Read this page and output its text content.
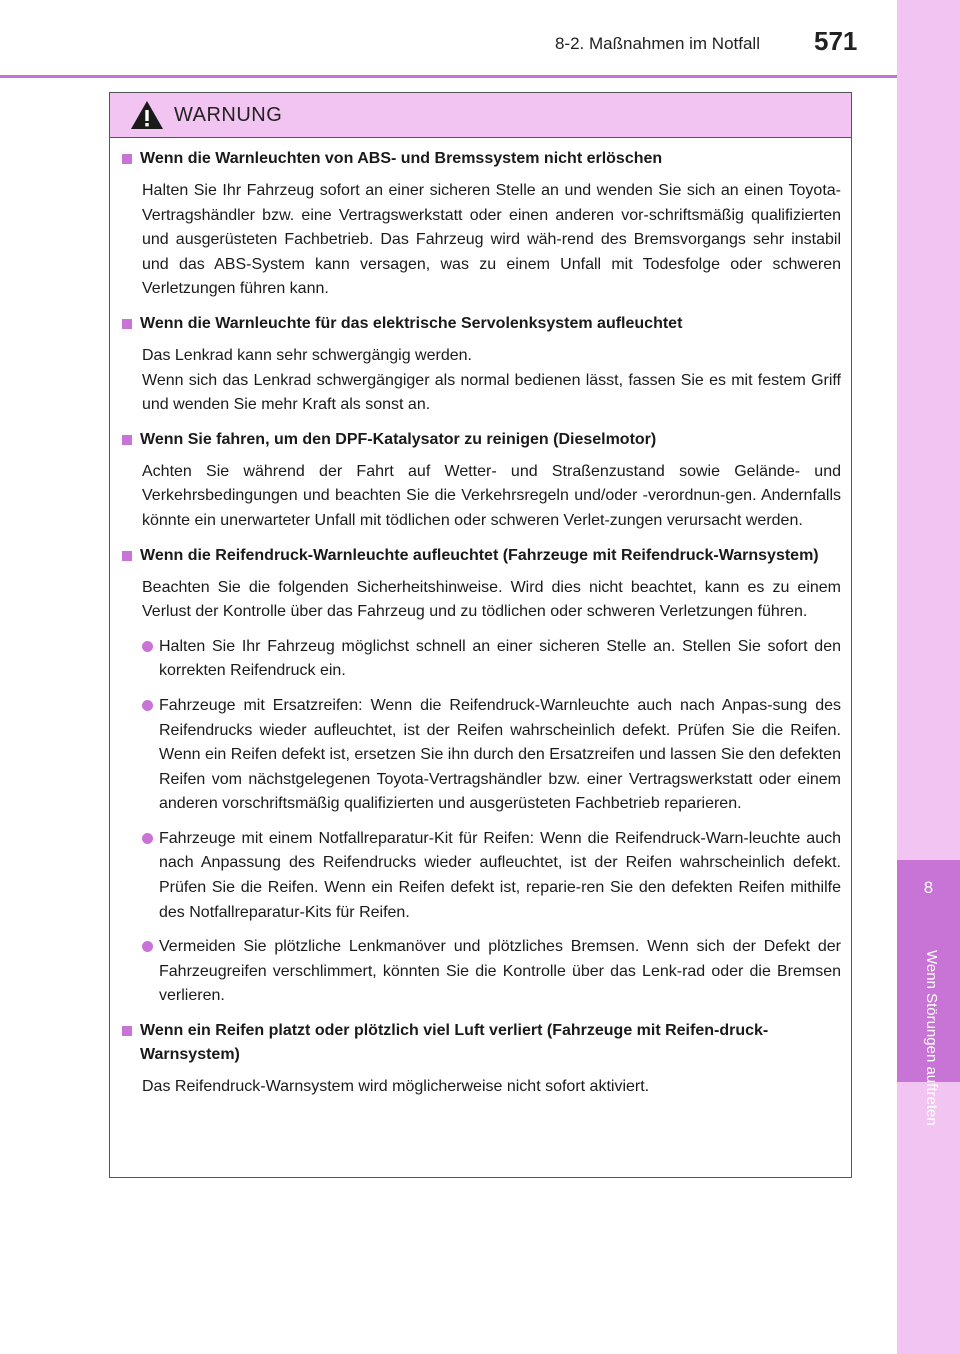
8
Wenn Störungen auftreten
8-2. Maßnahmen im Notfall 571
WARNUNG
Wenn die Warnleuchten von ABS- und Bremssystem nicht erlöschen
Halten Sie Ihr Fahrzeug sofort an einer sicheren Stelle an und wenden Sie sich an einen Toyota-Vertragshändler bzw. eine Vertragswerkstatt oder einen anderen vor-schriftsmäßig qualifizierten und ausgerüsteten Fachbetrieb. Das Fahrzeug wird wäh-rend des Bremsvorgangs sehr instabil und das ABS-System kann versagen, was zu einem Unfall mit Todesfolge oder schweren Verletzungen führen kann.
Wenn die Warnleuchte für das elektrische Servolenksystem aufleuchtet
Das Lenkrad kann sehr schwergängig werden.
Wenn sich das Lenkrad schwergängiger als normal bedienen lässt, fassen Sie es mit festem Griff und wenden Sie mehr Kraft als sonst an.
Wenn Sie fahren, um den DPF-Katalysator zu reinigen (Dieselmotor)
Achten Sie während der Fahrt auf Wetter- und Straßenzustand sowie Gelände- und Verkehrsbedingungen und beachten Sie die Verkehrsregeln und/oder -verordnun-gen. Andernfalls könnte ein unerwarteter Unfall mit tödlichen oder schweren Verlet-zungen verursacht werden.
Wenn die Reifendruck-Warnleuchte aufleuchtet (Fahrzeuge mit Reifendruck-Warnsystem)
Beachten Sie die folgenden Sicherheitshinweise. Wird dies nicht beachtet, kann es zu einem Verlust der Kontrolle über das Fahrzeug und zu tödlichen oder schweren Verletzungen führen.
Halten Sie Ihr Fahrzeug möglichst schnell an einer sicheren Stelle an. Stellen Sie sofort den korrekten Reifendruck ein.
Fahrzeuge mit Ersatzreifen: Wenn die Reifendruck-Warnleuchte auch nach Anpas-sung des Reifendrucks wieder aufleuchtet, ist der Reifen wahrscheinlich defekt. Prüfen Sie die Reifen. Wenn ein Reifen defekt ist, ersetzen Sie ihn durch den Ersatzreifen und lassen Sie den defekten Reifen vom nächstgelegenen Toyota-Vertragshändler bzw. einer Vertragswerkstatt oder einem anderen vorschriftsmäßig qualifizierten und ausgerüsteten Fachbetrieb reparieren.
Fahrzeuge mit einem Notfallreparatur-Kit für Reifen: Wenn die Reifendruck-Warn-leuchte auch nach Anpassung des Reifendrucks wieder aufleuchtet, ist der Reifen wahrscheinlich defekt. Prüfen Sie die Reifen. Wenn ein Reifen defekt ist, reparie-ren Sie den defekten Reifen mithilfe des Notfallreparatur-Kits für Reifen.
Vermeiden Sie plötzliche Lenkmanöver und plötzliches Bremsen. Wenn sich der Defekt der Fahrzeugreifen verschlimmert, könnten Sie die Kontrolle über das Lenk-rad oder die Bremsen verlieren.
Wenn ein Reifen platzt oder plötzlich viel Luft verliert (Fahrzeuge mit Reifen-druck-Warnsystem)
Das Reifendruck-Warnsystem wird möglicherweise nicht sofort aktiviert.
